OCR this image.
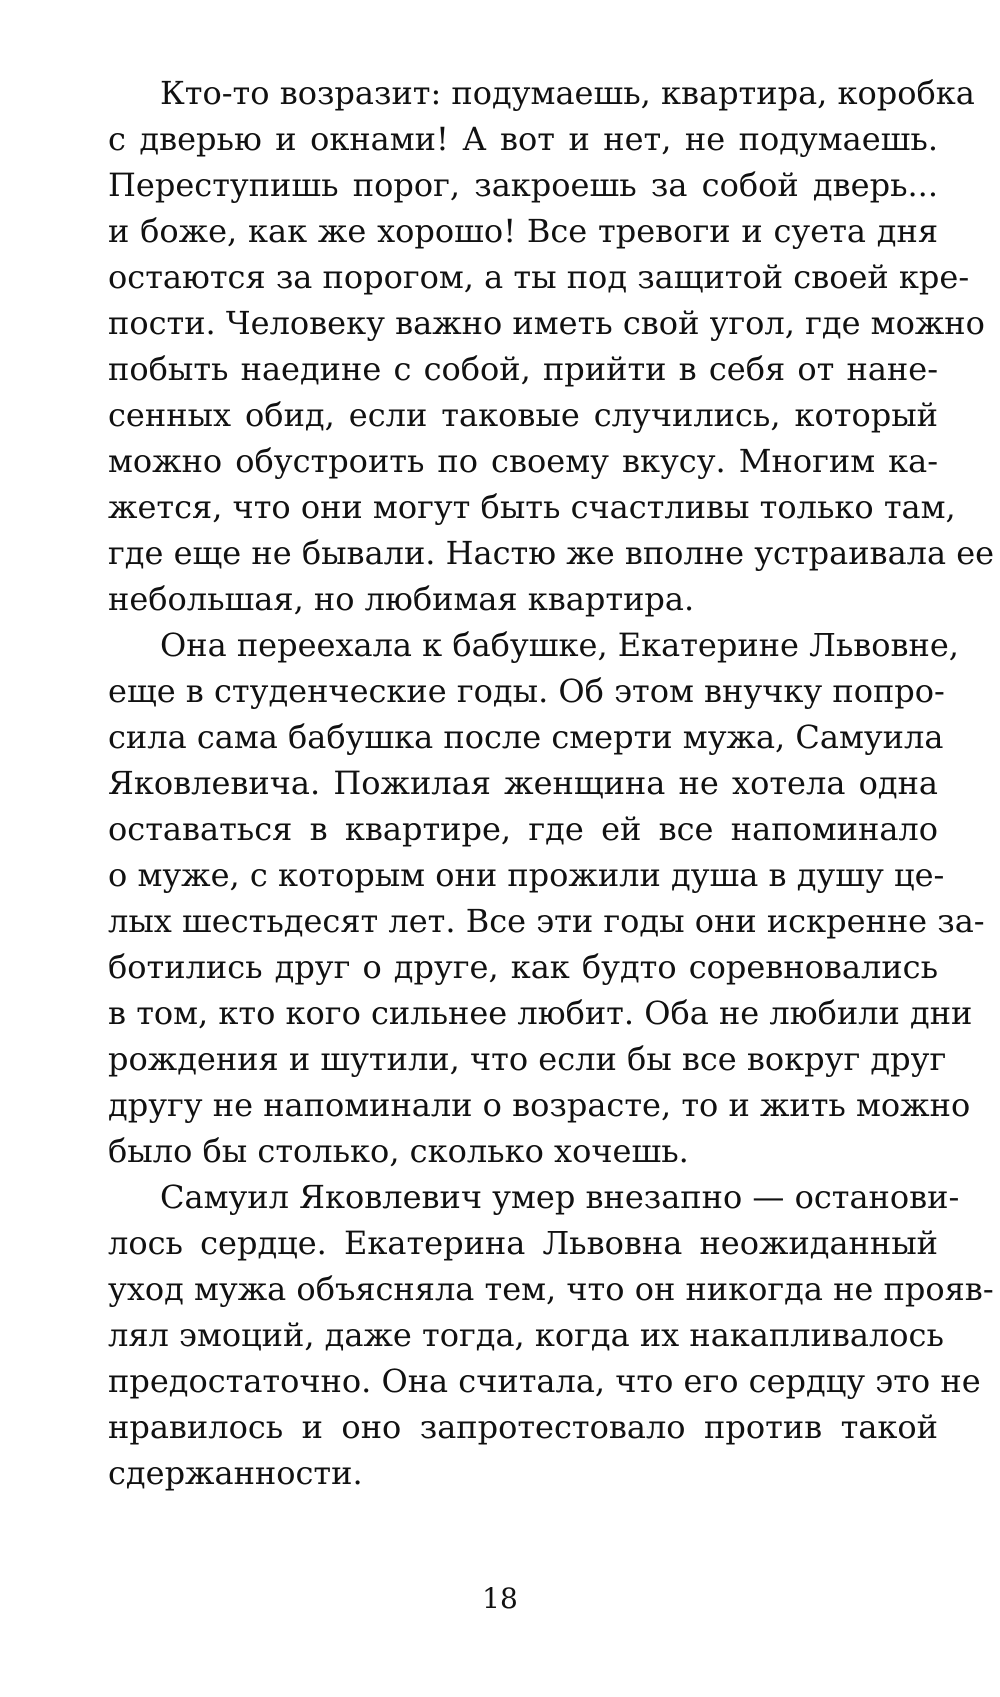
Кто-то возразит: подумаешь, квартира, коробка
с дверью и окнами! А вот и нет, не подумаешь.
Переступишь порог, закроешь за собой дверь...
и боже, как же хорошо! Все тревоги и суета дня
остаются за порогом, а ты под защитой своей кре-
пости. Человеку важно иметь свой угол, где можно
побыть наедине с собой, прийти в себя от нане-
сенных обид, если таковые случились, который
можно обустроить по своему вкусу. Многим ка-
жется, что они могут быть счастливы только там,
где еще не бывали. Настю же вполне устраивала ее
небольшая, но любимая квартира.

Она переехала к бабушке, Екатерине Львовне,
еще в студенческие годы. Об этом внучку попро-
сила сама бабушка после смерти мужа, Самуила
Яковлевича. Пожилая женщина не хотела одна
оставаться в квартире, где ей все напоминало
о муже, с которым они прожили душа в душу це-
лых шестьдесят лет. Все эти годы они искренне за-
ботились друг о друге, как будто соревновались
в том, кто кого сильнее любит. Оба не любили дни
рождения и шутили, что если бы все вокруг друг
другу не напоминали о возрасте, то и жить можно
было бы столько, сколько хочешь.

Самуил Яковлевич умер внезапно — останови-
лось сердце. Екатерина Львовна неожиданный
уход мужа объясняла тем, что он никогда не прояв-
лял эмоций, даже тогда, когда их накапливалось
предостаточно. Она считала, что его сердцу это не
нравилось и оно запротестовало против такой
сдержанности.

18
